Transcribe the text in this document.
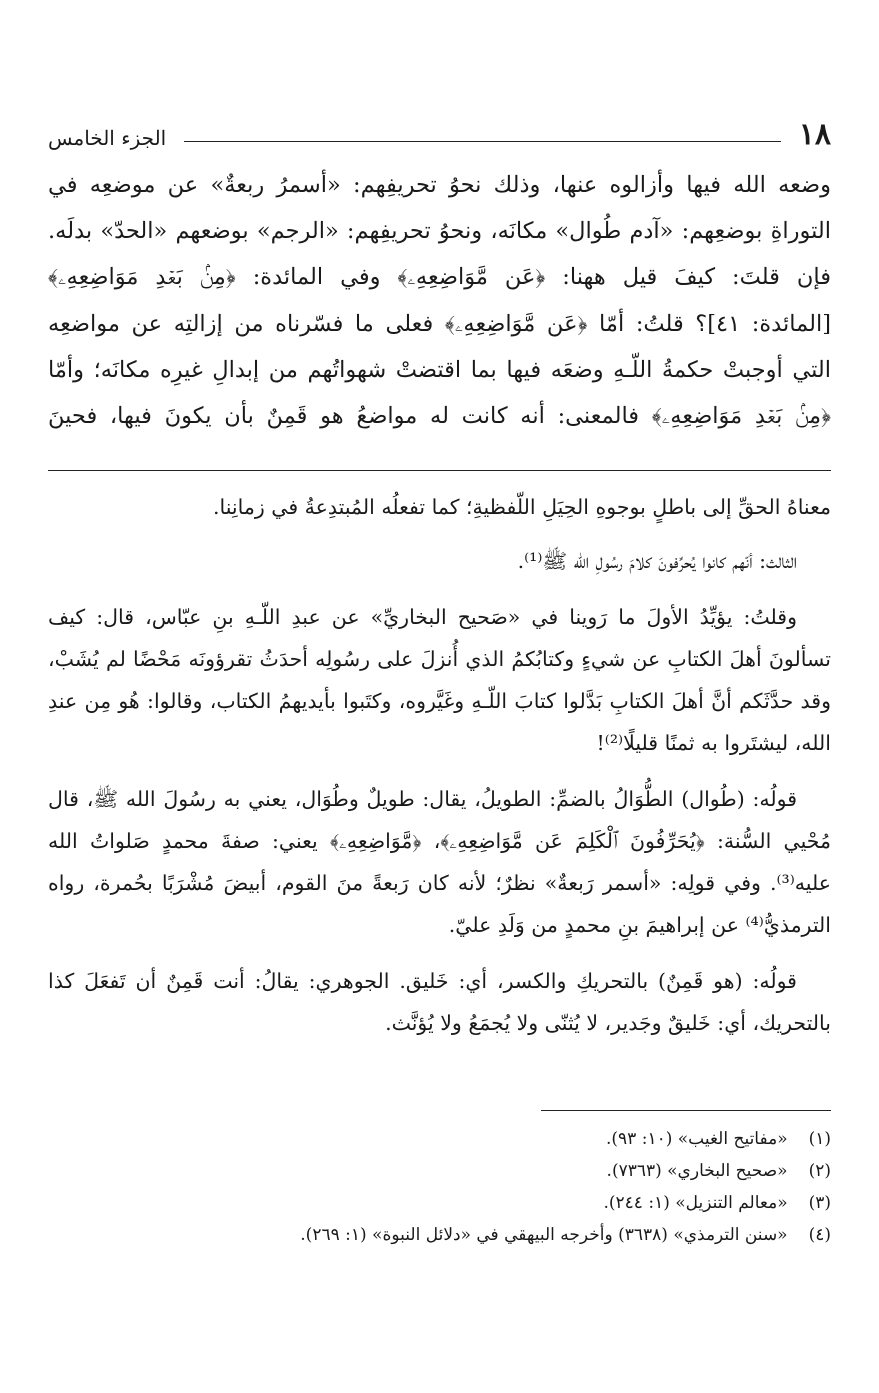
١٨
الجزء الخامس

وضعه الله فيها وأزالوه عنها، وذلك نحوُ تحريفِهم: «أسمرُ ربعةٌ» عن موضعِه في

التوراةِ بوضعِهم: «آدم طُوال» مكانَه، ونحوُ تحريفِهم: «الرجم» بوضعهم «الحدّ» بدلَه.

فإن قلتَ: كيفَ قيل ههنا: ﴿عَن مَّوَاضِعِهِۦ﴾ وفي المائدة: ﴿مِنۢ بَعۡدِ مَوَاضِعِهِۦ﴾

[المائدة: ٤١]؟ قلتُ: أمّا ﴿عَن مَّوَاضِعِهِۦ﴾ فعلى ما فسّرناه من إزالتِه عن مواضعِه

التي أوجبتْ حكمةُ اللّـهِ وضعَه فيها بما اقتضتْ شهواتُهم من إبدالِ غيرِه مكانَه؛ وأمّا

﴿مِنۢ بَعۡدِ مَوَاضِعِهِۦ﴾ فالمعنى: أنه كانت له مواضعُ هو قَمِنٌ بأن يكونَ فيها، فحينَ

معناهُ الحقِّ إلى باطلٍ بوجوهِ الحِيَلِ اللّفظيةِ؛ كما تفعلُه المُبتدِعةُ في زمانِنا.

الثالث: أنّهم كانوا يُحرِّفونَ كلامَ رسُولِ الله ﷺ⁽¹⁾.

وقلتُ: يؤيِّدُ الأولَ ما رَوينا في «صَحيح البخاريِّ» عن عبدِ اللّـهِ بنِ عبّاس، قال: كيف تسألونَ أهلَ الكتابِ عن شيءٍ وكتابُكمُ الذي أُنزلَ على رسُولِه أحدَثُ تقرؤونَه مَحْضًا لم يُشَبْ، وقد حدَّثَكم أنَّ أهلَ الكتابِ بَدَّلوا كتابَ اللّـهِ وغَيَّروه، وكتَبوا بأيديهمُ الكتاب، وقالوا: هُو مِن عندِ الله، ليشتَروا به ثمنًا قليلًا⁽²⁾!

قولُه: (طُوال) الطُّوَالُ بالضمِّ: الطويلُ، يقال: طويلٌ وطُوَال، يعني به رسُولَ الله ﷺ، قال مُحْيي السُّنة: ﴿يُحَرِّفُونَ ٱلْكَلِمَ عَن مَّوَاضِعِهِۦ﴾، ﴿مَّوَاضِعِهِۦ﴾ يعني: صفةَ محمدٍ صَلواتُ الله عليه⁽³⁾. وفي قولِه: «أسمر رَبعةٌ» نظرٌ؛ لأنه كان رَبعةً منَ القوم، أبيضَ مُشْرَبًا بحُمرة، رواه الترمذيُّ⁽⁴⁾ عن إبراهيمَ بنِ محمدٍ من وَلَدِ عليّ.

قولُه: (هو قَمِنٌ) بالتحريكِ والكسر، أي: خَليق. الجوهري: يقالُ: أنت قَمِنٌ أن تَفعَلَ كذا بالتحريك، أي: خَليقٌ وجَدير، لا يُثنّى ولا يُجمَعُ ولا يُؤنَّث.

(١) «مفاتيح الغيب» (١٠: ٩٣).
(٢) «صحيح البخاري» (٧٣٦٣).
(٣) «معالم التنزيل» (١: ٢٤٤).
(٤) «سنن الترمذي» (٣٦٣٨) وأخرجه البيهقي في «دلائل النبوة» (١: ٢٦٩).
